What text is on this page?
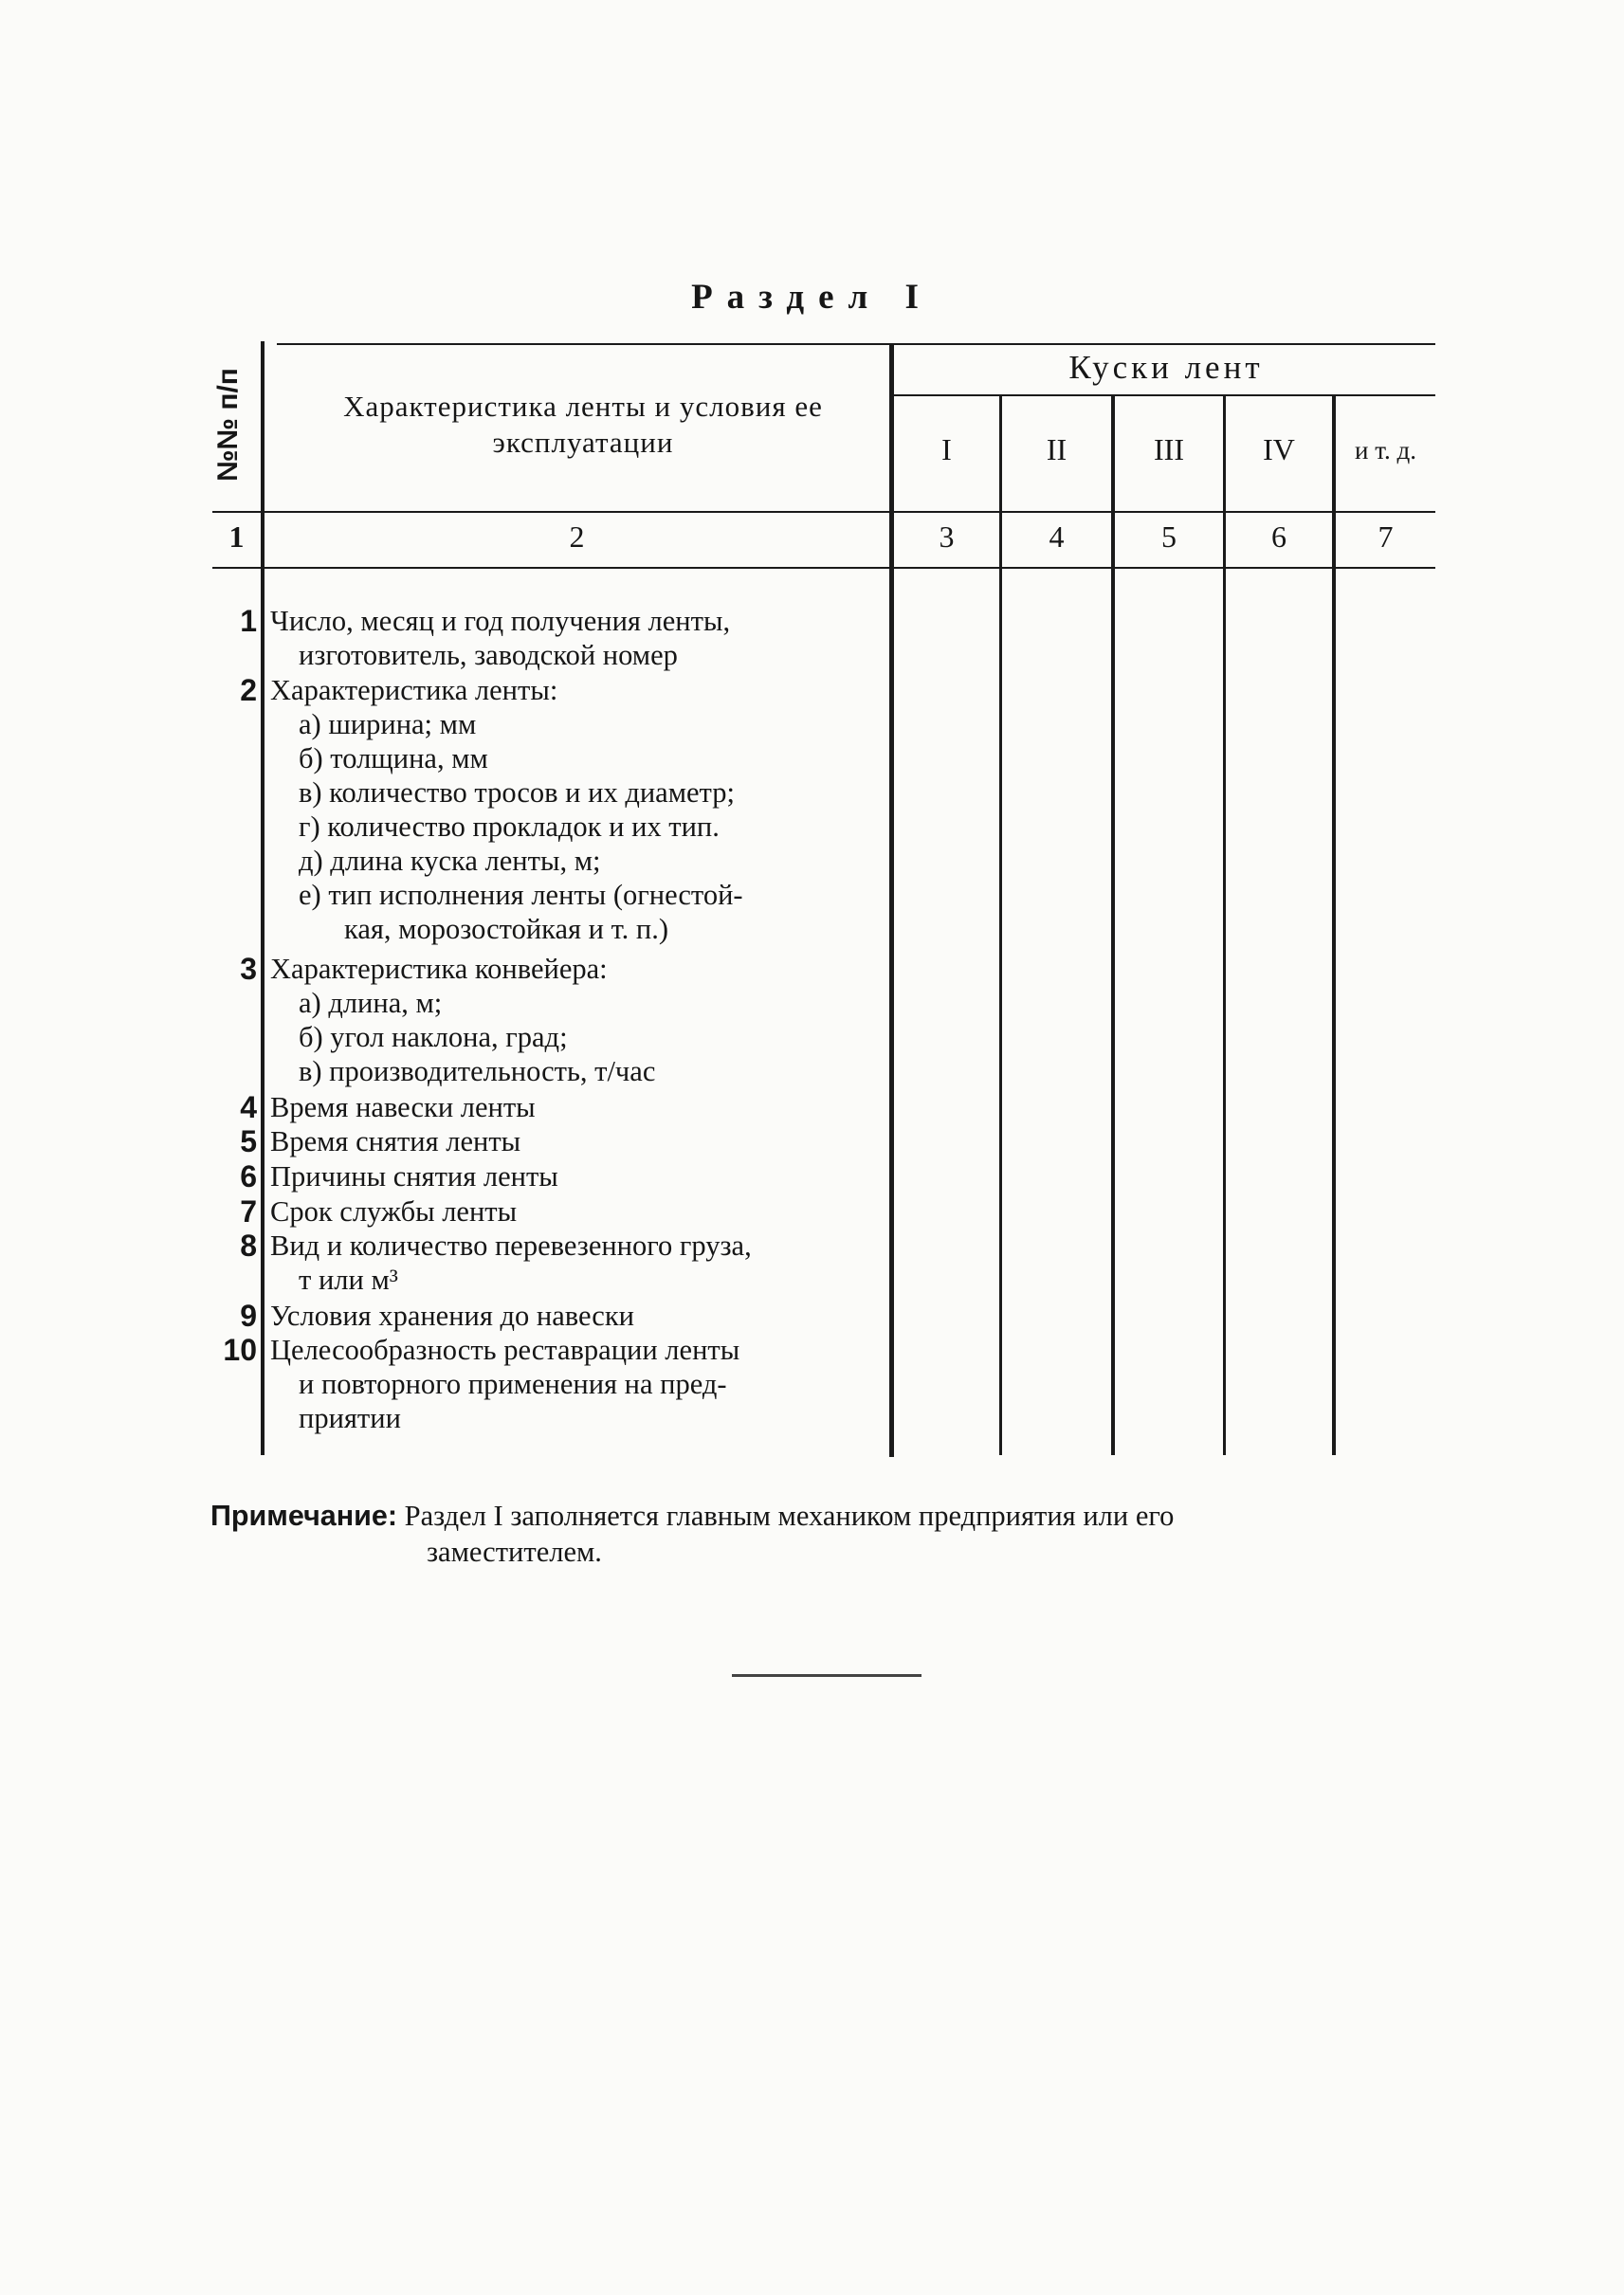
Раздел I
№№ п/п	Характеристика ленты и условия ее эксплуатации
Куски лент
I	II	III	IV	и т. д.
1	2	3	4	5	6	7
1 Число, месяц и год получения ленты,
изготовитель, заводской номер
2 Характеристика ленты:
а) ширина; мм
б) толщина, мм
в) количество тросов и их диаметр;
г) количество прокладок и их тип.
д) длина куска ленты, м;
е) тип исполнения ленты (огнестой-
кая, морозостойкая и т. п.)
3 Характеристика конвейера:
а) длина, м;
б) угол наклона, град;
в) производительность, т/час
4 Время навески ленты
5 Время снятия ленты
6 Причины снятия ленты
7 Срок службы ленты
8 Вид и количество перевезенного груза,
т или м³
9 Условия хранения до навески
10 Целесообразность реставрации ленты
и повторного применения на пред-
приятии
Примечание: Раздел I заполняется главным механиком предприятия или его
заместителем.
